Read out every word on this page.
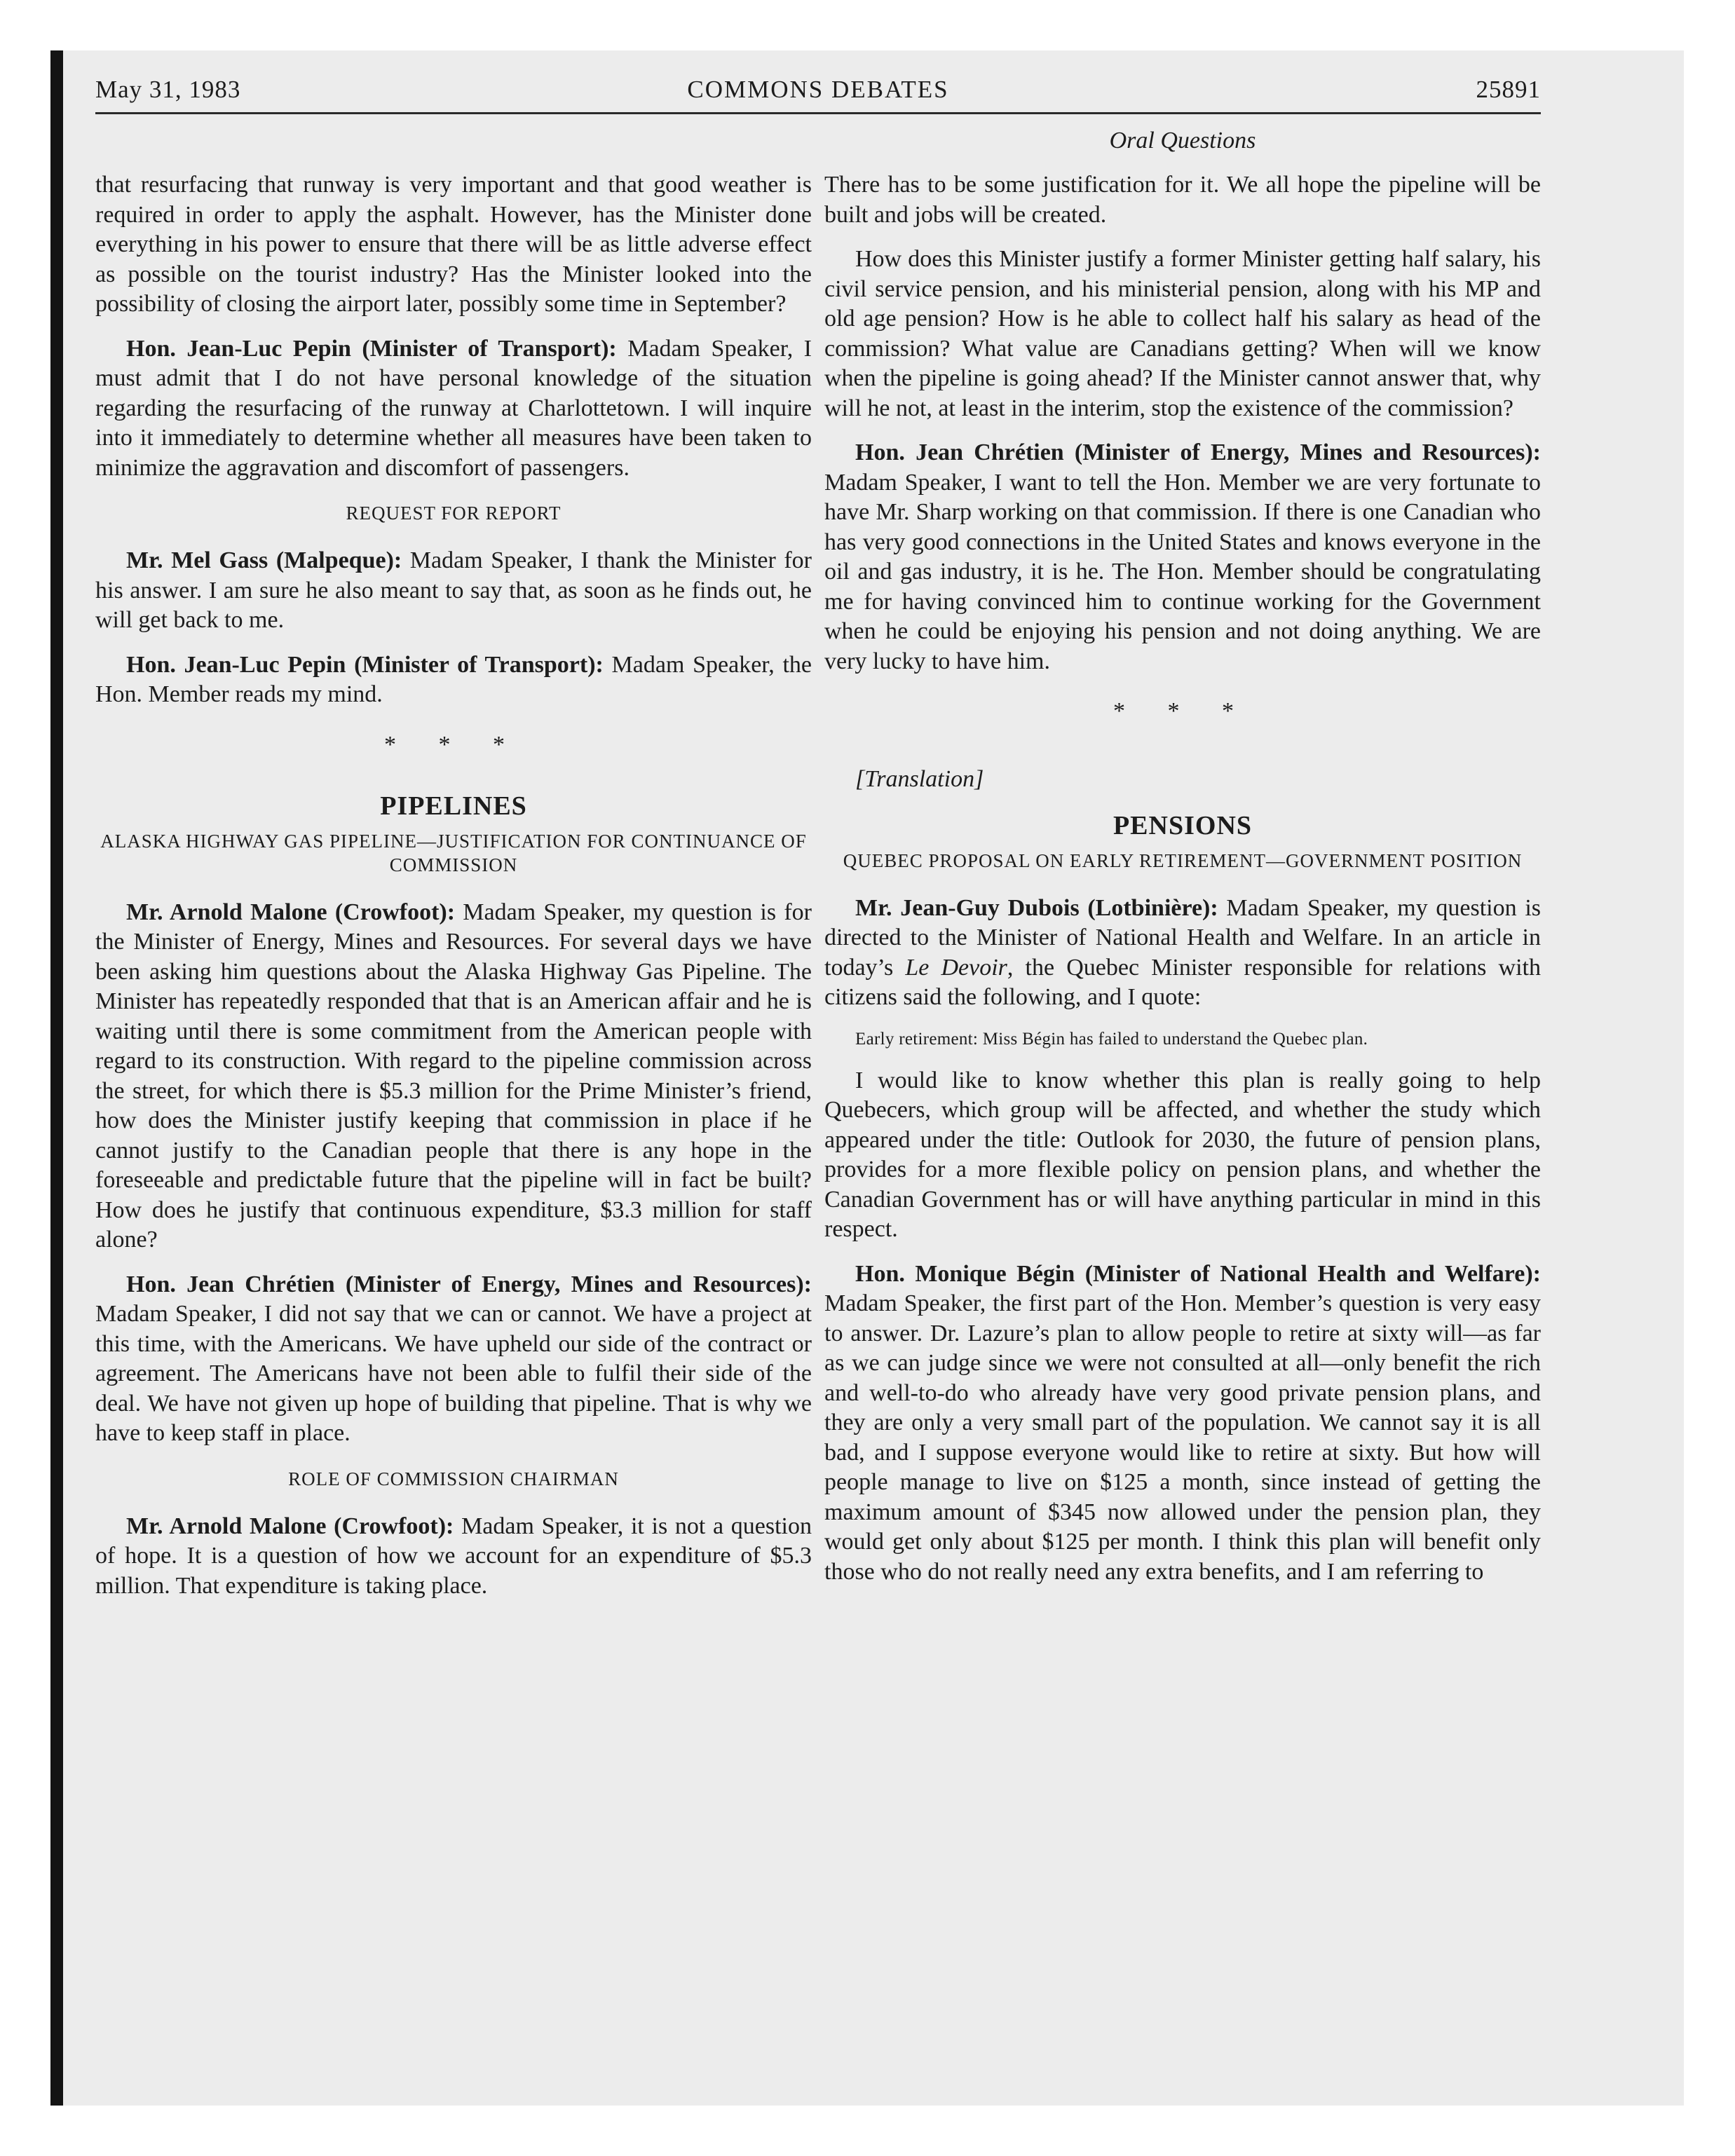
May 31, 1983	COMMONS DEBATES	25891
Oral Questions

that resurfacing that runway is very important and that good weather is required in order to apply the asphalt. However, has the Minister done everything in his power to ensure that there will be as little adverse effect as possible on the tourist industry? Has the Minister looked into the possibility of closing the airport later, possibly some time in September?

Hon. Jean-Luc Pepin (Minister of Transport): Madam Speaker, I must admit that I do not have personal knowledge of the situation regarding the resurfacing of the runway at Charlottetown. I will inquire into it immediately to determine whether all measures have been taken to minimize the aggravation and discomfort of passengers.

REQUEST FOR REPORT

Mr. Mel Gass (Malpeque): Madam Speaker, I thank the Minister for his answer. I am sure he also meant to say that, as soon as he finds out, he will get back to me.

Hon. Jean-Luc Pepin (Minister of Transport): Madam Speaker, the Hon. Member reads my mind.

* * *
PIPELINES
ALASKA HIGHWAY GAS PIPELINE—JUSTIFICATION FOR CONTINUANCE OF COMMISSION

Mr. Arnold Malone (Crowfoot): Madam Speaker, my question is for the Minister of Energy, Mines and Resources. For several days we have been asking him questions about the Alaska Highway Gas Pipeline. The Minister has repeatedly responded that that is an American affair and he is waiting until there is some commitment from the American people with regard to its construction. With regard to the pipeline commission across the street, for which there is $5.3 million for the Prime Minister’s friend, how does the Minister justify keeping that commission in place if he cannot justify to the Canadian people that there is any hope in the foreseeable and predictable future that the pipeline will in fact be built? How does he justify that continuous expenditure, $3.3 million for staff alone?

Hon. Jean Chrétien (Minister of Energy, Mines and Resources): Madam Speaker, I did not say that we can or cannot. We have a project at this time, with the Americans. We have upheld our side of the contract or agreement. The Americans have not been able to fulfil their side of the deal. We have not given up hope of building that pipeline. That is why we have to keep staff in place.

ROLE OF COMMISSION CHAIRMAN

Mr. Arnold Malone (Crowfoot): Madam Speaker, it is not a question of hope. It is a question of how we account for an expenditure of $5.3 million. That expenditure is taking place.

There has to be some justification for it. We all hope the pipeline will be built and jobs will be created.

How does this Minister justify a former Minister getting half salary, his civil service pension, and his ministerial pension, along with his MP and old age pension? How is he able to collect half his salary as head of the commission? What value are Canadians getting? When will we know when the pipeline is going ahead? If the Minister cannot answer that, why will he not, at least in the interim, stop the existence of the commission?

Hon. Jean Chrétien (Minister of Energy, Mines and Resources): Madam Speaker, I want to tell the Hon. Member we are very fortunate to have Mr. Sharp working on that commission. If there is one Canadian who has very good connections in the United States and knows everyone in the oil and gas industry, it is he. The Hon. Member should be congratulating me for having convinced him to continue working for the Government when he could be enjoying his pension and not doing anything. We are very lucky to have him.

* * *

[Translation]

PENSIONS
QUEBEC PROPOSAL ON EARLY RETIREMENT—GOVERNMENT POSITION

Mr. Jean-Guy Dubois (Lotbinière): Madam Speaker, my question is directed to the Minister of National Health and Welfare. In an article in today’s Le Devoir, the Quebec Minister responsible for relations with citizens said the following, and I quote:

Early retirement: Miss Bégin has failed to understand the Quebec plan.

I would like to know whether this plan is really going to help Quebecers, which group will be affected, and whether the study which appeared under the title: Outlook for 2030, the future of pension plans, provides for a more flexible policy on pension plans, and whether the Canadian Government has or will have anything particular in mind in this respect.

Hon. Monique Bégin (Minister of National Health and Welfare): Madam Speaker, the first part of the Hon. Member’s question is very easy to answer. Dr. Lazure’s plan to allow people to retire at sixty will—as far as we can judge since we were not consulted at all—only benefit the rich and well-to-do who already have very good private pension plans, and they are only a very small part of the population. We cannot say it is all bad, and I suppose everyone would like to retire at sixty. But how will people manage to live on $125 a month, since instead of getting the maximum amount of $345 now allowed under the pension plan, they would get only about $125 per month. I think this plan will benefit only those who do not really need any extra benefits, and I am referring to
